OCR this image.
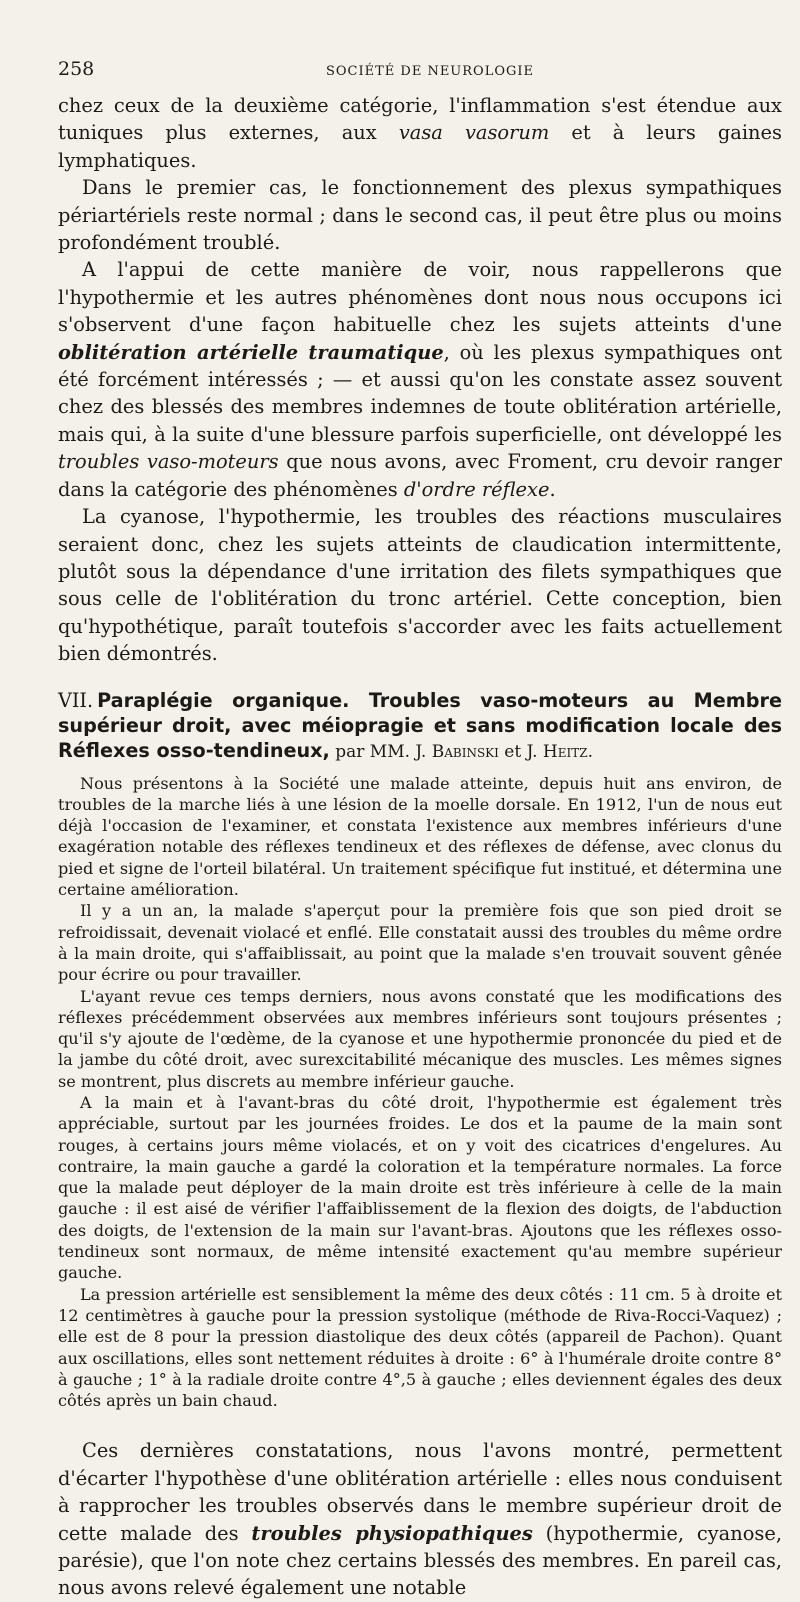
258	SOCIÉTÉ DE NEUROLOGIE

chez ceux de la deuxième catégorie, l'inflammation s'est étendue aux tuniques plus externes, aux vasa vasorum et à leurs gaines lymphatiques.

Dans le premier cas, le fonctionnement des plexus sympathiques périartériels reste normal ; dans le second cas, il peut être plus ou moins profondément troublé.

A l'appui de cette manière de voir, nous rappellerons que l'hypothermie et les autres phénomènes dont nous nous occupons ici s'observent d'une façon habituelle chez les sujets atteints d'une oblitération artérielle traumatique, où les plexus sympathiques ont été forcément intéressés ; — et aussi qu'on les constate assez souvent chez des blessés des membres indemnes de toute oblitération artérielle, mais qui, à la suite d'une blessure parfois superficielle, ont développé les troubles vaso-moteurs que nous avons, avec Froment, cru devoir ranger dans la catégorie des phénomènes d'ordre réflexe.

La cyanose, l'hypothermie, les troubles des réactions musculaires seraient donc, chez les sujets atteints de claudication intermittente, plutôt sous la dépendance d'une irritation des filets sympathiques que sous celle de l'oblitération du tronc artériel. Cette conception, bien qu'hypothétique, paraît toutefois s'accorder avec les faits actuellement bien démontrés.

VII. Paraplégie organique. Troubles vaso-moteurs au Membre supérieur droit, avec méiopragie et sans modification locale des Réflexes osso-tendineux, par MM. J. Babinski et J. Heitz.

Nous présentons à la Société une malade atteinte, depuis huit ans environ, de troubles de la marche liés à une lésion de la moelle dorsale. En 1912, l'un de nous eut déjà l'occasion de l'examiner, et constata l'existence aux membres inférieurs d'une exagération notable des réflexes tendineux et des réflexes de défense, avec clonus du pied et signe de l'orteil bilatéral. Un traitement spécifique fut institué, et détermina une certaine amélioration.

Il y a un an, la malade s'aperçut pour la première fois que son pied droit se refroidissait, devenait violacé et enflé. Elle constatait aussi des troubles du même ordre à la main droite, qui s'affaiblissait, au point que la malade s'en trouvait souvent gênée pour écrire ou pour travailler.

L'ayant revue ces temps derniers, nous avons constaté que les modifications des réflexes précédemment observées aux membres inférieurs sont toujours présentes ; qu'il s'y ajoute de l'œdème, de la cyanose et une hypothermie prononcée du pied et de la jambe du côté droit, avec surexcitabilité mécanique des muscles. Les mêmes signes se montrent, plus discrets au membre inférieur gauche.

A la main et à l'avant-bras du côté droit, l'hypothermie est également très appréciable, surtout par les journées froides. Le dos et la paume de la main sont rouges, à certains jours même violacés, et on y voit des cicatrices d'engelures. Au contraire, la main gauche a gardé la coloration et la température normales. La force que la malade peut déployer de la main droite est très inférieure à celle de la main gauche : il est aisé de vérifier l'affaiblissement de la flexion des doigts, de l'abduction des doigts, de l'extension de la main sur l'avant-bras. Ajoutons que les réflexes osso-tendineux sont normaux, de même intensité exactement qu'au membre supérieur gauche.

La pression artérielle est sensiblement la même des deux côtés : 11 cm. 5 à droite et 12 centimètres à gauche pour la pression systolique (méthode de Riva-Rocci-Vaquez) ; elle est de 8 pour la pression diastolique des deux côtés (appareil de Pachon). Quant aux oscillations, elles sont nettement réduites à droite : 6° à l'humérale droite contre 8° à gauche ; 1° à la radiale droite contre 4°,5 à gauche ; elles deviennent égales des deux côtés après un bain chaud.

Ces dernières constatations, nous l'avons montré, permettent d'écarter l'hypothèse d'une oblitération artérielle : elles nous conduisent à rapprocher les troubles observés dans le membre supérieur droit de cette malade des troubles physiopathiques (hypothermie, cyanose, parésie), que l'on note chez certains blessés des membres. En pareil cas, nous avons relevé également une notable
